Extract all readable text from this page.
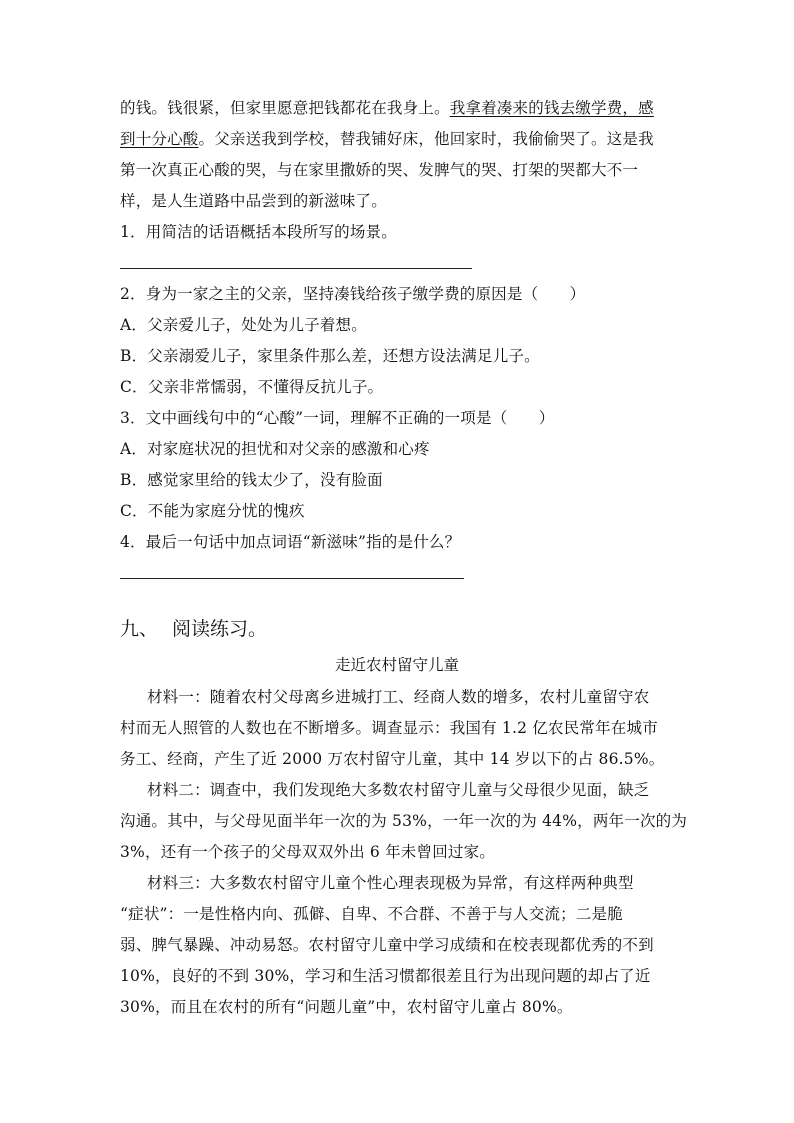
的钱。钱很紧，但家里愿意把钱都花在我身上。我拿着凑来的钱去缴学费，感
到十分心酸。父亲送我到学校，替我铺好床，他回家时，我偷偷哭了。这是我
第一次真正心酸的哭，与在家里撒娇的哭、发脾气的哭、打架的哭都大不一
样，是人生道路中品尝到的新滋味了。
1．用简洁的话语概括本段所写的场景。
2．身为一家之主的父亲，坚持凑钱给孩子缴学费的原因是（　　）
A．父亲爱儿子，处处为儿子着想。
B．父亲溺爱儿子，家里条件那么差，还想方设法满足儿子。
C．父亲非常懦弱，不懂得反抗儿子。
3．文中画线句中的“心酸”一词，理解不正确的一项是（　　）
A．对家庭状况的担忧和对父亲的感激和心疼
B．感觉家里给的钱太少了，没有脸面
C．不能为家庭分忧的愧疚
4．最后一句话中加点词语“新滋味”指的是什么？
九、 阅读练习。
走近农村留守儿童
材料一：随着农村父母离乡进城打工、经商人数的增多，农村儿童留守农
村而无人照管的人数也在不断增多。调查显示：我国有 1.2 亿农民常年在城市
务工、经商，产生了近 2000 万农村留守儿童，其中 14 岁以下的占 86.5%。
材料二：调查中，我们发现绝大多数农村留守儿童与父母很少见面，缺乏
沟通。其中，与父母见面半年一次的为 53%，一年一次的为 44%，两年一次的为
3%，还有一个孩子的父母双双外出 6 年未曾回过家。
材料三：大多数农村留守儿童个性心理表现极为异常，有这样两种典型
“症状”：一是性格内向、孤僻、自卑、不合群、不善于与人交流；二是脆
弱、脾气暴躁、冲动易怒。农村留守儿童中学习成绩和在校表现都优秀的不到
10%，良好的不到 30%，学习和生活习惯都很差且行为出现问题的却占了近
30%，而且在农村的所有“问题儿童”中，农村留守儿童占 80%。
